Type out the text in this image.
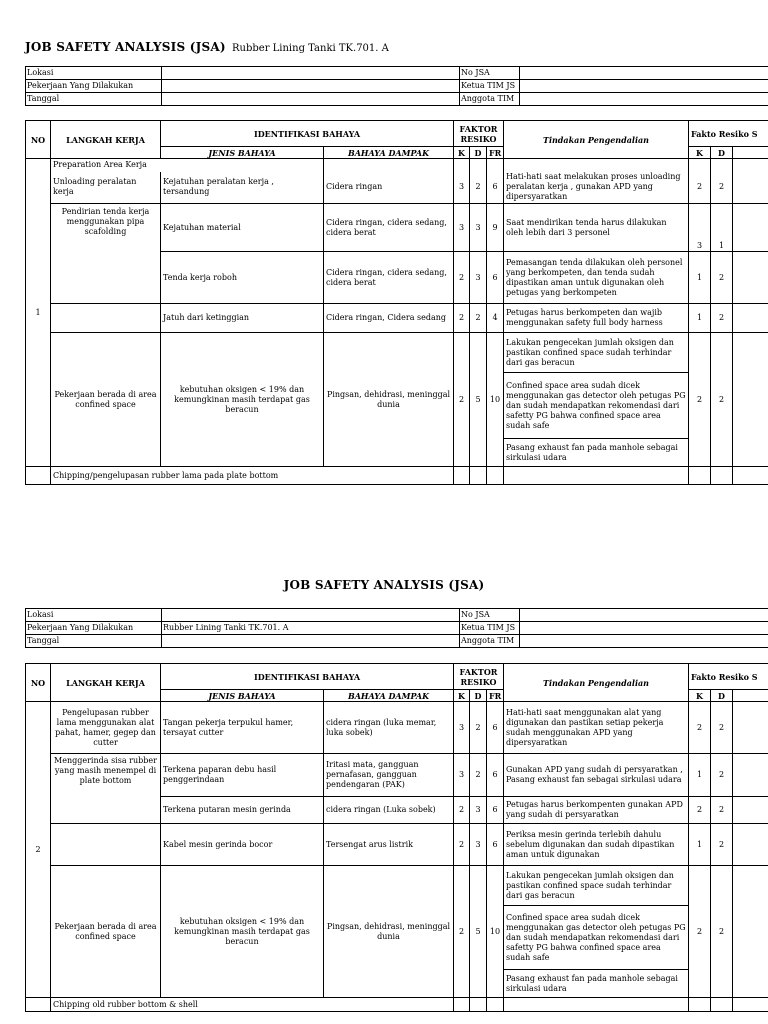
JOB SAFETY ANALYSIS (JSA) Rubber Lining Tanki TK.701. A
Lokasi		No JSA	
Pekerjaan Yang Dilakukan		Ketua TIM JS	
Tanggal		Anggota TIM	
NO	LANGKAH KERJA	IDENTIFIKASI BAHAYA		FAKTOR RESIKO			Tindakan Pengendalian	Fakto Resiko S		
		JENIS BAHAYA	BAHAYA DAMPAK	K	D	FR		K	D	
1	Preparation Area Kerja									
	Unloading peralatan kerja	Kejatuhan peralatan kerja , tersandung	Cidera ringan	3	2	6	Hati-hati saat melakukan proses unloading peralatan kerja , gunakan APD yang dipersyaratkan	2	2	
	Pendirian tenda kerja menggunakan pipa scafolding	Kejatuhan material	Cidera ringan, cidera sedang, cidera berat	3	3	9	Saat mendirikan tenda harus dilakukan oleh lebih dari 3 personel	3	1	
		Tenda kerja roboh	Cidera ringan, cidera sedang, cidera berat	2	3	6	Pemasangan tenda dilakukan oleh personel yang berkompeten, dan tenda sudah dipastikan aman untuk digunakan oleh petugas yang berkompeten	1	2	
		Jatuh dari ketinggian	Cidera ringan, Cidera sedang	2	2	4	Petugas harus berkompeten dan wajib menggunakan safety full body harness	1	2	
	Pekerjaan berada di area confined space	kebutuhan oksigen < 19% dan kemungkinan masih terdapat gas beracun	Pingsan, dehidrasi, meninggal dunia	2	5	10	Lakukan pengecekan jumlah oksigen dan pastikan confined space sudah terhindar dari gas beracun	2	2	
							Confined space area sudah dicek menggunakan gas detector oleh petugas PG dan sudah mendapatkan rekomendasi dari safetty PG bahwa confined space area sudah safe			
							Pasang exhaust fan pada manhole sebagai sirkulasi udara			
	Chipping/pengelupasan rubber lama pada plate bottom									
JOB SAFETY ANALYSIS (JSA)
Lokasi		No JSA	
Pekerjaan Yang Dilakukan	Rubber Lining Tanki TK.701. A	Ketua TIM JS	
Tanggal		Anggota TIM	
NO	LANGKAH KERJA	IDENTIFIKASI BAHAYA		FAKTOR RESIKO			Tindakan Pengendalian	Fakto Resiko S		
		JENIS BAHAYA	BAHAYA DAMPAK	K	D	FR		K	D	
2	Pengelupasan rubber lama menggunakan alat pahat, hamer, gegep dan cutter	Tangan pekerja terpukul hamer, tersayat cutter	cidera ringan (luka memar, luka sobek)	3	2	6	Hati-hati saat menggunakan alat yang digunakan dan pastikan setiap pekerja sudah menggunakan APD yang dipersyaratkan	2	2	
	Menggerinda sisa rubber yang masih menempel di plate bottom	Terkena paparan debu hasil penggerindaan	Iritasi mata, gangguan pernafasan, gangguan pendengaran (PAK)	3	2	6	Gunakan APD yang sudah di persyaratkan , Pasang exhaust fan sebagai sirkulasi udara	1	2	
		Terkena putaran mesin gerinda	cidera ringan (Luka sobek)	2	3	6	Petugas harus berkompenten gunakan APD yang sudah di persyaratkan	2	2	
		Kabel mesin gerinda bocor	Tersengat arus listrik	2	3	6	Periksa mesin gerinda terlebih dahulu sebelum digunakan dan sudah dipastikan aman untuk digunakan	1	2	
	Pekerjaan berada di area confined space	kebutuhan oksigen < 19% dan kemungkinan masih terdapat gas beracun	Pingsan, dehidrasi, meninggal dunia	2	5	10	Lakukan pengecekan jumlah oksigen dan pastikan confined space sudah terhindar dari gas beracun	2	2	
							Confined space area sudah dicek menggunakan gas detector oleh petugas PG dan sudah mendapatkan rekomendasi dari safetty PG bahwa confined space area sudah safe			
							Pasang exhaust fan pada manhole sebagai sirkulasi udara			
	Chipping old rubber bottom & shell									
